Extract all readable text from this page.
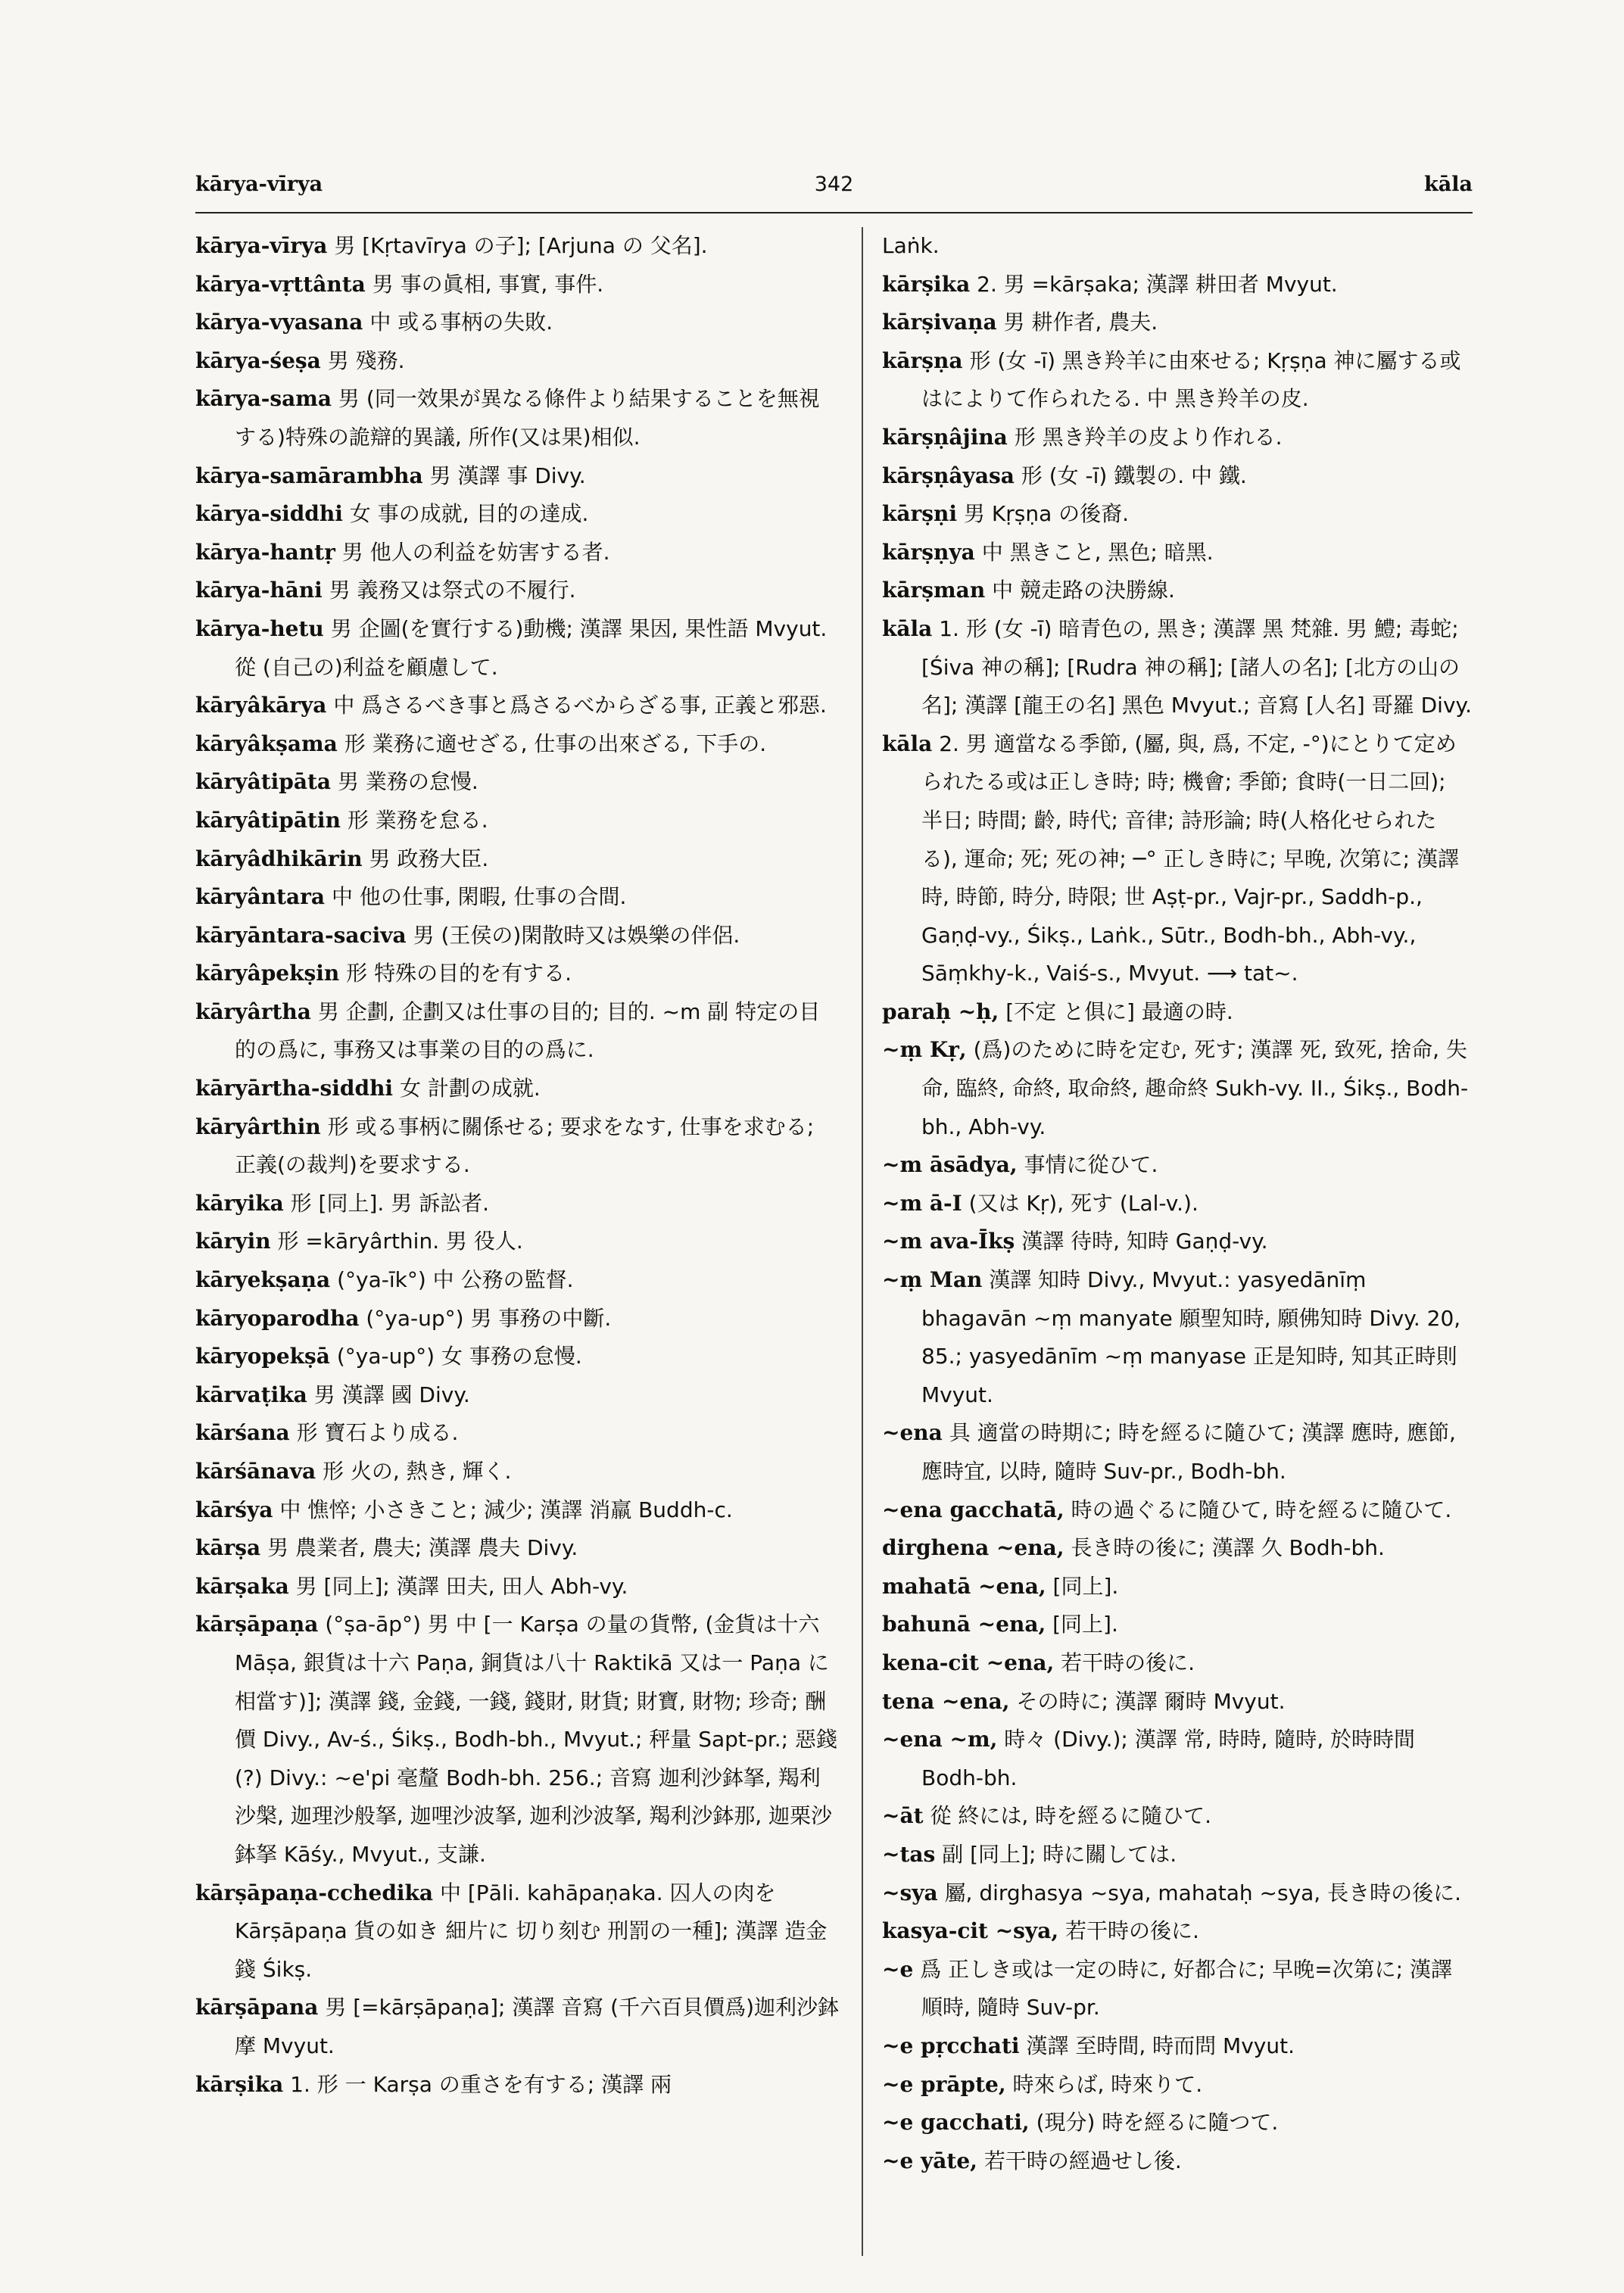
kārya-vīrya	342	kāla
kārya-vīrya 男 [Kṛtavīrya の子]; [Arjuna の 父名].
kārya-vṛttânta 男 事の眞相, 事實, 事件.
kārya-vyasana 中 或る事柄の失敗.
kārya-śeṣa 男 殘務.
kārya-sama 男 (同一效果が異なる條件より結果することを無視する)特殊の詭辯的異議, 所作(又は果)相似.
kārya-samārambha 男 漢譯 事 Divy.
kārya-siddhi 女 事の成就, 目的の達成.
kārya-hantṛ 男 他人の利益を妨害する者.
kārya-hāni 男 義務又は祭式の不履行.
kārya-hetu 男 企圖(を實行する)動機; 漢譯 果因, 果性語 Mvyut. 從 (自己の)利益を顧慮して.
kāryâkārya 中 爲さるべき事と爲さるべからざる事, 正義と邪惡.
kāryâkṣama 形 業務に適せざる, 仕事の出來ざる, 下手の.
kāryâtipāta 男 業務の怠慢.
kāryâtipātin 形 業務を怠る.
kāryâdhikārin 男 政務大臣.
kāryântara 中 他の仕事, 閑暇, 仕事の合間.
kāryāntara-saciva 男 (王侯の)閑散時又は娛樂の伴侶.
kāryâpekṣin 形 特殊の目的を有する.
kāryârtha 男 企劃, 企劃又は仕事の目的; 目的. ~m 副 特定の目的の爲に, 事務又は事業の目的の爲に.
kāryārtha-siddhi 女 計劃の成就.
kāryârthin 形 或る事柄に關係せる; 要求をなす, 仕事を求むる; 正義(の裁判)を要求する.
kāryika 形 [同上]. 男 訴訟者.
kāryin 形 =kāryârthin. 男 役人.
kāryekṣaṇa (°ya-īk°) 中 公務の監督.
kāryoparodha (°ya-up°) 男 事務の中斷.
kāryopekṣā (°ya-up°) 女 事務の怠慢.
kārvaṭika 男 漢譯 國 Divy.
kārśana 形 寶石より成る.
kārśānava 形 火の, 熱き, 輝く.
kārśya 中 憔悴; 小さきこと; 減少; 漢譯 消羸 Buddh-c.
kārṣa 男 農業者, 農夫; 漢譯 農夫 Divy.
kārṣaka 男 [同上]; 漢譯 田夫, 田人 Abh-vy.
kārṣāpaṇa (°ṣa-āp°) 男 中 [一 Karṣa の量の貨幣, (金貨は十六 Māṣa, 銀貨は十六 Paṇa, 銅貨は八十 Raktikā 又は一 Paṇa に相當す)]; 漢譯 錢, 金錢, 一錢, 錢財, 財貨; 財寶, 財物; 珍奇; 酬價 Divy., Av-ś., Śikṣ., Bodh-bh., Mvyut.; 秤量 Sapt-pr.; 惡錢(?) Divy.: ~e'pi 毫釐 Bodh-bh. 256.; 音寫 迦利沙鉢拏, 羯利沙槃, 迦理沙般拏, 迦哩沙波拏, 迦利沙波拏, 羯利沙鉢那, 迦栗沙鉢拏 Kāśy., Mvyut., 支謙.
kārṣāpaṇa-cchedika 中 [Pāli. kahāpaṇaka. 囚人の肉を Kārṣāpaṇa 貨の如き 細片に 切り刻む 刑罰の一種]; 漢譯 造金錢 Śikṣ.
kārṣāpana 男 [=kārṣāpaṇa]; 漢譯 音寫 (千六百貝價爲)迦利沙鉢摩 Mvyut.
kārṣika 1. 形 一 Karṣa の重さを有する; 漢譯 兩
Laṅk.
kārṣika 2. 男 =kārṣaka; 漢譯 耕田者 Mvyut.
kārṣivaṇa 男 耕作者, 農夫.
kārṣṇa 形 (女 -ī) 黑き羚羊に由來せる; Kṛṣṇa 神に屬する或はによりて作られたる. 中 黑き羚羊の皮.
kārṣṇâjina 形 黑き羚羊の皮より作れる.
kārṣṇâyasa 形 (女 -ī) 鐵製の. 中 鐵.
kārṣṇi 男 Kṛṣṇa の後裔.
kārṣṇya 中 黑きこと, 黑色; 暗黑.
kārṣman 中 競走路の決勝線.
kāla 1. 形 (女 -ī) 暗青色の, 黑き; 漢譯 黑 梵雜. 男 鱧; 毒蛇; [Śiva 神の稱]; [Rudra 神の稱]; [諸人の名]; [北方の山の名]; 漢譯 [龍王の名] 黑色 Mvyut.; 音寫 [人名] 哥羅 Divy.
kāla 2. 男 適當なる季節, (屬, 與, 爲, 不定, -°)にとりて定められたる或は正しき時; 時; 機會; 季節; 食時(一日二回); 半日; 時間; 齡, 時代; 音律; 詩形論; 時(人格化せられたる), 運命; 死; 死の神; ─° 正しき時に; 早晚, 次第に; 漢譯 時, 時節, 時分, 時限; 世 Aṣṭ-pr., Vajr-pr., Saddh-p., Gaṇḍ-vy., Śikṣ., Laṅk., Sūtr., Bodh-bh., Abh-vy., Sāṃkhy-k., Vaiś-s., Mvyut. ⟶ tat~.
paraḥ ~ḥ, [不定 と俱に] 最適の時.
~ṃ Kṛ, (爲)のために時を定む, 死す; 漢譯 死, 致死, 捨命, 失命, 臨終, 命終, 取命終, 趣命終 Sukh-vy. II., Śikṣ., Bodh-bh., Abh-vy.
~m āsādya, 事情に從ひて.
~m ā-I (又は Kṛ), 死す (Lal-v.).
~m ava-Īkṣ 漢譯 待時, 知時 Gaṇḍ-vy.
~ṃ Man 漢譯 知時 Divy., Mvyut.: yasyedānīṃ bhagavān ~ṃ manyate 願聖知時, 願佛知時 Divy. 20, 85.; yasyedānīm ~ṃ manyase 正是知時, 知其正時則 Mvyut.
~ena 具 適當の時期に; 時を經るに隨ひて; 漢譯 應時, 應節, 應時宜, 以時, 隨時 Suv-pr., Bodh-bh.
~ena gacchatā, 時の過ぐるに隨ひて, 時を經るに隨ひて.
dirghena ~ena, 長き時の後に; 漢譯 久 Bodh-bh.
mahatā ~ena, [同上].
bahunā ~ena, [同上].
kena-cit ~ena, 若干時の後に.
tena ~ena, その時に; 漢譯 爾時 Mvyut.
~ena ~m, 時々 (Divy.); 漢譯 常, 時時, 隨時, 於時時間 Bodh-bh.
~āt 從 終には, 時を經るに隨ひて.
~tas 副 [同上]; 時に關しては.
~sya 屬, dirghasya ~sya, mahataḥ ~sya, 長き時の後に.
kasya-cit ~sya, 若干時の後に.
~e 爲 正しき或は一定の時に, 好都合に; 早晚=次第に; 漢譯 順時, 隨時 Suv-pr.
~e pṛcchati 漢譯 至時間, 時而問 Mvyut.
~e prāpte, 時來らば, 時來りて.
~e gacchati, (現分) 時を經るに隨つて.
~e yāte, 若干時の經過せし後.
